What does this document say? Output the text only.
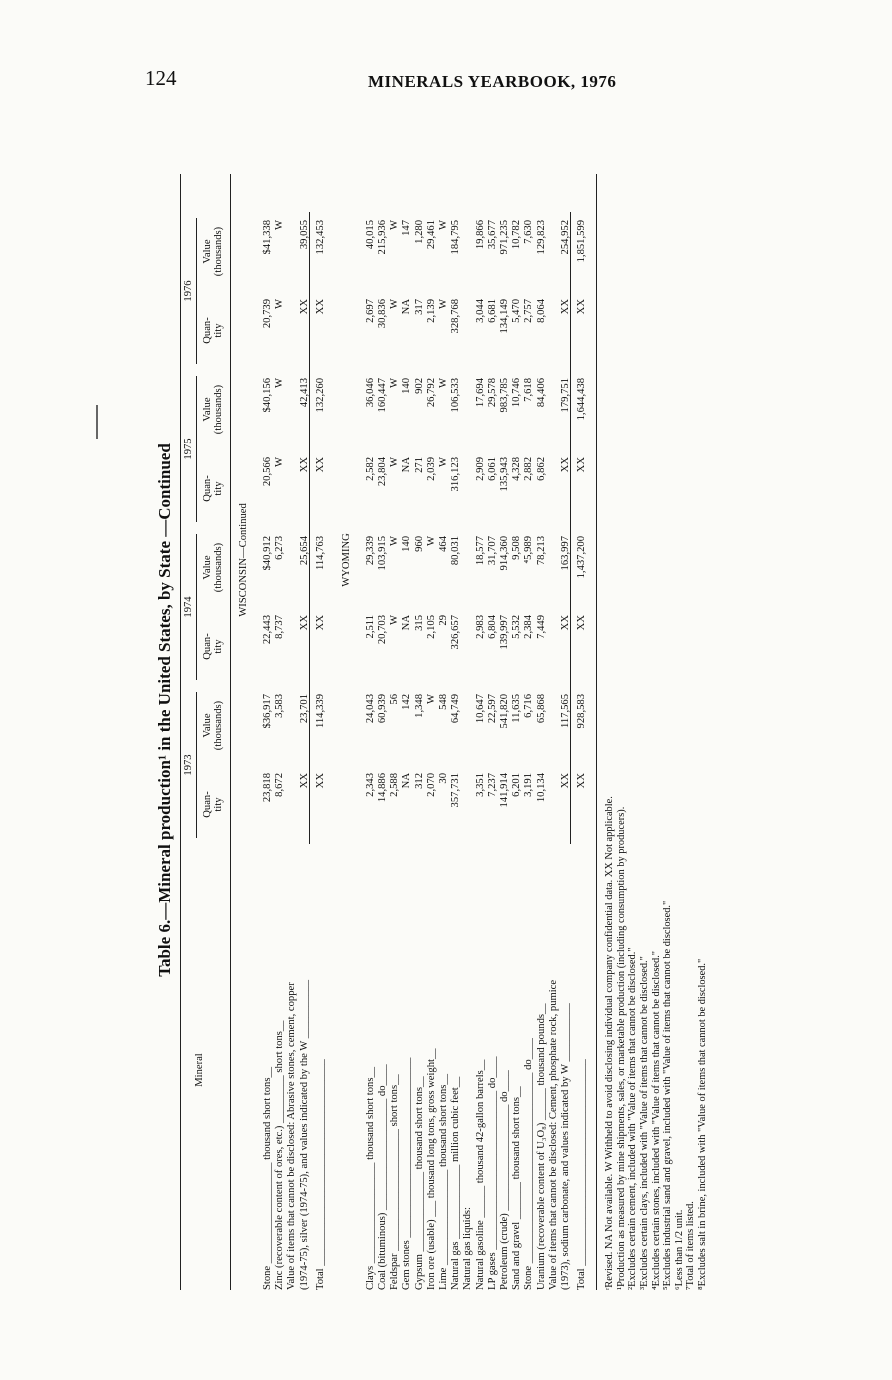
124	MINERALS YEARBOOK, 1976
Table 6.—Mineral production¹ in the United States, by State —Continued
Mineral
1973
Quan-
tity
Value
(thousands)
1974
Quan-
tity
Value
(thousands)
1975
Quan-
tity
Value
(thousands)
1976
Quan-
tity
Value
(thousands)
WISCONSIN—Continued
Stone ___________________ thousand short tons__
23,818
$36,917
22,443
$40,912
20,566
$40,156
20,739
$41,338
Zinc (recoverable content of ores, etc.) _________ short tons__
8,672
3,583
8,737
6,273
W
W
W
W
Value of items that cannot be disclosed: Abrasive stones, cement, copper (1974-75), silver (1974-75), and values indicated by the W ___________
XX
23,701
XX
25,654
XX
42,413
XX
39,055
Total _______________________________________
XX
114,339
XX
114,763
XX
132,260
XX
132,453
WYOMING
Clays ___________________ thousand short tons__
2,343
24,043
2,511
29,339
2,582
36,046
2,697
40,015
Coal (bituminous) _____________________ do____
14,886
60,939
20,703
103,915
23,804
160,447
30,836
215,936
Feldspar _______________________ short tons__
2,588
56
W
W
W
W
W
W
Gem stones __________________________________
NA
142
NA
140
NA
140
NA
147
Gypsum _______________ thousand short tons__
312
1,348
315
960
271
902
317
1,280
Iron ore (usable) ___ thousand long tons, gross weight__
2,070
W
2,105
W
2,039
26,792
2,139
29,461
Lime __________________ thousand short tons__
30
548
29
464
W
W
W
W
Natural gas ______________ million cubic feet__
357,731
64,749
326,657
80,031
316,123
106,533
328,768
184,795
Natural gas liquids: Natural gasoline ______ thousand 42-gallon barrels__
3,351
10,647
2,983
18,577
2,909
17,694
3,044
19,866
LP gases ______________________________ do____
7,237
22,597
6,804
31,707
6,061
29,578
6,681
35,677
Petroleum (crude) ____________________ do____
141,914
541,820
139,997
914,360
135,943
983,785
134,149
971,235
Sand and gravel _______ thousand short tons__
6,201
11,635
5,532
9,508
4,328
10,746
5,470
10,782
Stone ____________________________________ do____
3,191
6,716
2,384
⁴5,989
2,882
7,618
2,757
7,630
Uranium (recoverable content of U₃O₈) ______ thousand pounds__
10,134
65,868
7,449
78,213
6,862
84,406
8,064
129,823
Value of items that cannot be disclosed: Cement, phosphate rock, pumice (1973), sodium carbonate, and values indicated by W ___________
XX
117,565
XX
163,997
XX
179,751
XX
254,952
Total _______________________________________
XX
928,583
XX
1,437,200
XX
1,644,438
XX
1,851,599
ʳRevised. NA Not available. W Withheld to avoid disclosing individual company confidential data. XX Not applicable. ¹Production as measured by mine shipments, sales, or marketable production (including consumption by producers). ²Excludes certain cement, included with "Value of items that cannot be disclosed." ³Excludes certain clays, included with "Value of items that cannot be disclosed." ⁴Excludes certain stones, included with "Value of items that cannot be disclosed." ⁵Excludes industrial sand and gravel, included with "Value of items that cannot be disclosed." ⁶Less than 1/2 unit. ⁷Total of items listed. ⁸Excludes salt in brine, included with "Value of items that cannot be disclosed."
